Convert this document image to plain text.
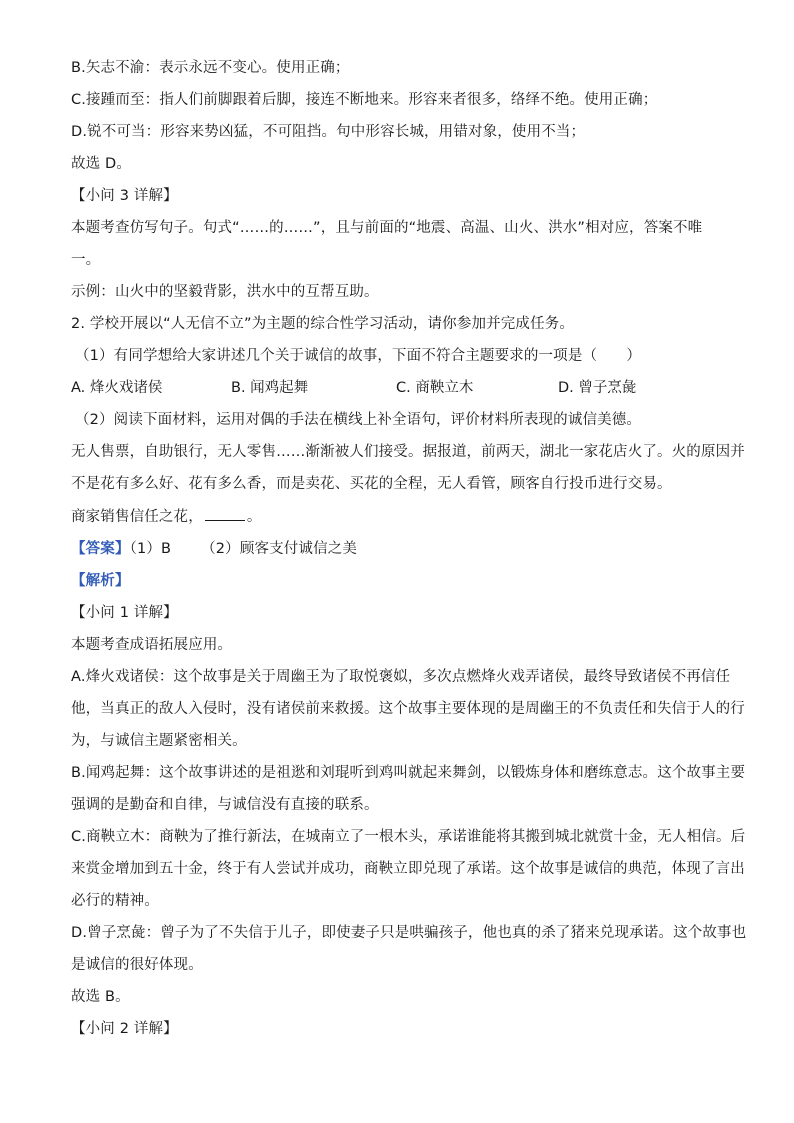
B.矢志不渝：表示永远不变心。使用正确；

C.接踵而至：指人们前脚跟着后脚，接连不断地来。形容来者很多，络绎不绝。使用正确；

D.锐不可当：形容来势凶猛，不可阻挡。句中形容长城，用错对象，使用不当；

故选 D。

【小问 3 详解】

本题考查仿写句子。句式“……的……”，且与前面的“地震、高温、山火、洪水”相对应，答案不唯

一。

示例：山火中的坚毅背影，洪水中的互帮互助。

2. 学校开展以“人无信不立”为主题的综合性学习活动，请你参加并完成任务。

（1）有同学想给大家讲述几个关于诚信的故事，下面不符合主题要求的一项是（　　）

A. 烽火戏诸侯	B. 闻鸡起舞	C. 商鞅立木	D. 曾子烹彘

（2）阅读下面材料，运用对偶的手法在横线上补全语句，评价材料所表现的诚信美德。

无人售票，自助银行，无人零售……渐渐被人们接受。据报道，前两天，湖北一家花店火了。火的原因并

不是花有多么好、花有多么香，而是卖花、买花的全程，无人看管，顾客自行投币进行交易。

商家销售信任之花，	。

【答案】（1）B （2）顾客支付诚信之美

【解析】

【小问 1 详解】

本题考查成语拓展应用。

A.烽火戏诸侯：这个故事是关于周幽王为了取悦褒姒，多次点燃烽火戏弄诸侯，最终导致诸侯不再信任

他，当真正的敌人入侵时，没有诸侯前来救援。这个故事主要体现的是周幽王的不负责任和失信于人的行

为，与诚信主题紧密相关。

B.闻鸡起舞：这个故事讲述的是祖逖和刘琨听到鸡叫就起来舞剑，以锻炼身体和磨练意志。这个故事主要

强调的是勤奋和自律，与诚信没有直接的联系。

C.商鞅立木：商鞅为了推行新法，在城南立了一根木头，承诺谁能将其搬到城北就赏十金，无人相信。后

来赏金增加到五十金，终于有人尝试并成功，商鞅立即兑现了承诺。这个故事是诚信的典范，体现了言出

必行的精神。

D.曾子烹彘：曾子为了不失信于儿子，即使妻子只是哄骗孩子，他也真的杀了猪来兑现承诺。这个故事也

是诚信的很好体现。

故选 B。

【小问 2 详解】
